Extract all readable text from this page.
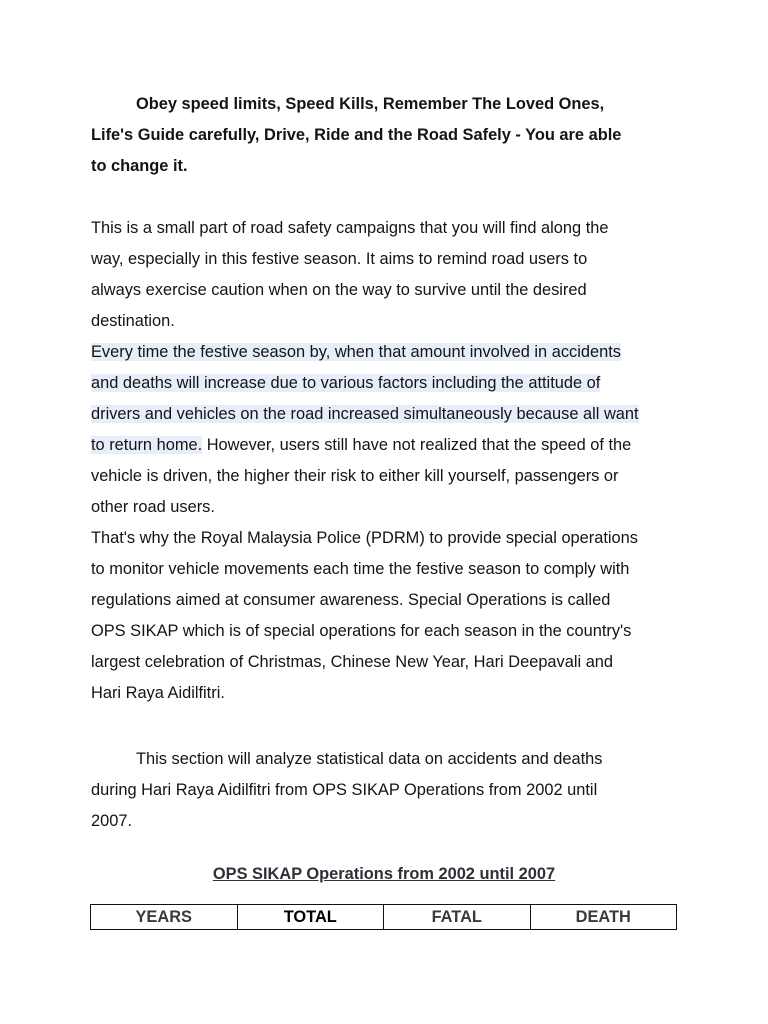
Obey speed limits, Speed Kills, Remember The Loved Ones,
Life's Guide carefully, Drive, Ride and the Road Safely - You are able
to change it.

This is a small part of road safety campaigns that you will find along the
way, especially in this festive season. It aims to remind road users to
always exercise caution when on the way to survive until the desired
destination.
Every time the festive season by, when that amount involved in accidents
and deaths will increase due to various factors including the attitude of
drivers and vehicles on the road increased simultaneously because all want
to return home. However, users still have not realized that the speed of the
vehicle is driven, the higher their risk to either kill yourself, passengers or
other road users.
That's why the Royal Malaysia Police (PDRM) to provide special operations
to monitor vehicle movements each time the festive season to comply with
regulations aimed at consumer awareness. Special Operations is called
OPS SIKAP which is of special operations for each season in the country's
largest celebration of Christmas, Chinese New Year, Hari Deepavali and
Hari Raya Aidilfitri.

This section will analyze statistical data on accidents and deaths
during Hari Raya Aidilfitri from OPS SIKAP Operations from 2002 until
2007.

OPS SIKAP Operations from 2002 until 2007
YEARS	TOTAL	FATAL	DEATH
